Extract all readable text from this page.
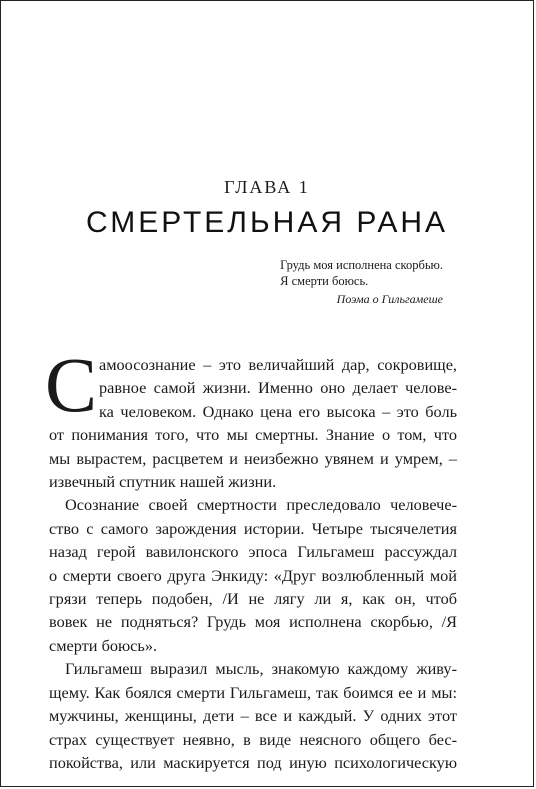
ГЛАВА 1
СМЕРТЕЛЬНАЯ РАНА
Грудь моя исполнена скорбью.
Я смерти боюсь.
Поэма о Гильгамеше
С амоосознание – это величайший дар, сокровище,
равное самой жизни. Именно оно делает челове-
ка человеком. Однако цена его высока – это боль
от понимания того, что мы смертны. Знание о том, что
мы вырастем, расцветем и неизбежно увянем и умрем, –
извечный спутник нашей жизни.
Осознание своей смертности преследовало человече-
ство с самого зарождения истории. Четыре тысячелетия
назад герой вавилонского эпоса Гильгамеш рассуждал
о смерти своего друга Энкиду: «Друг возлюбленный мой
грязи теперь подобен, /И не лягу ли я, как он, чтоб
вовек не подняться? Грудь моя исполнена скорбью, /Я
смерти боюсь».
Гильгамеш выразил мысль, знакомую каждому живу-
щему. Как боялся смерти Гильгамеш, так боимся ее и мы:
мужчины, женщины, дети – все и каждый. У одних этот
страх существует неявно, в виде неясного общего бес-
покойства, или маскируется под иную психологическую
